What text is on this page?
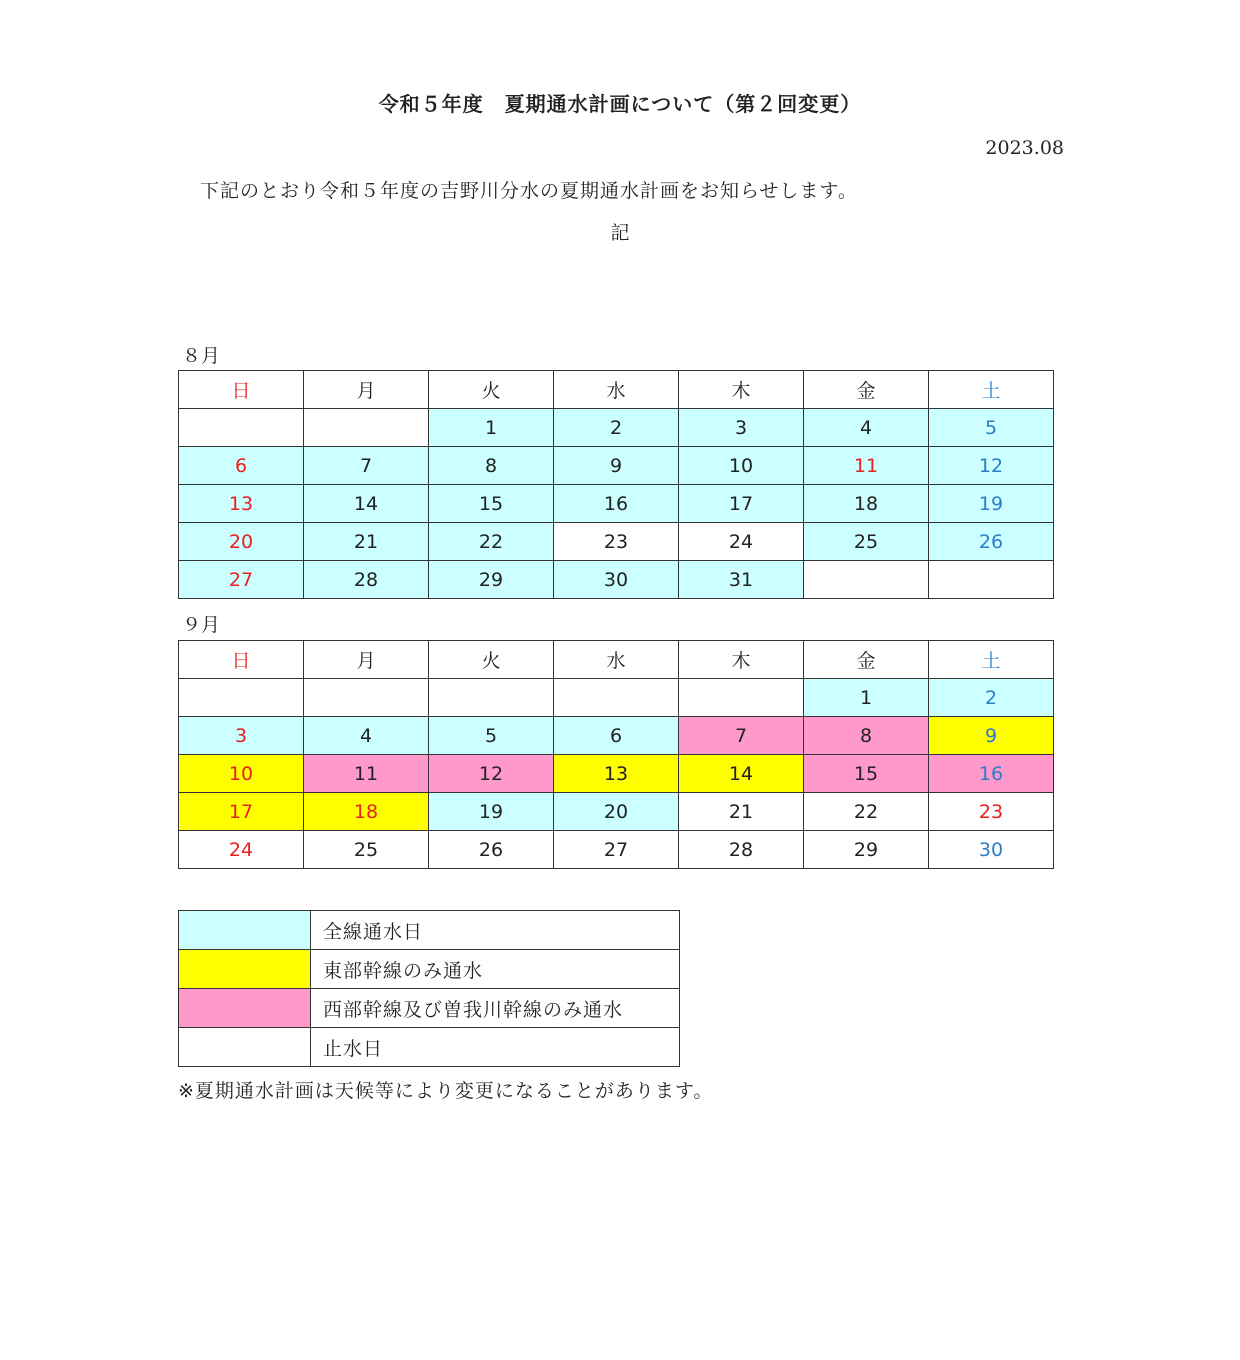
令和５年度　夏期通水計画について（第２回変更）
2023.08
下記のとおり令和５年度の吉野川分水の夏期通水計画をお知らせします。
記
８月
日	月	火	水	木	金	土
		1	2	3	4	5
6	7	8	9	10	11	12
13	14	15	16	17	18	19
20	21	22	23	24	25	26
27	28	29	30	31		
９月
日	月	火	水	木	金	土
					1	2
3	4	5	6	7	8	9
10	11	12	13	14	15	16
17	18	19	20	21	22	23
24	25	26	27	28	29	30
	全線通水日
	東部幹線のみ通水
	西部幹線及び曽我川幹線のみ通水
	止水日
※夏期通水計画は天候等により変更になることがあります。
